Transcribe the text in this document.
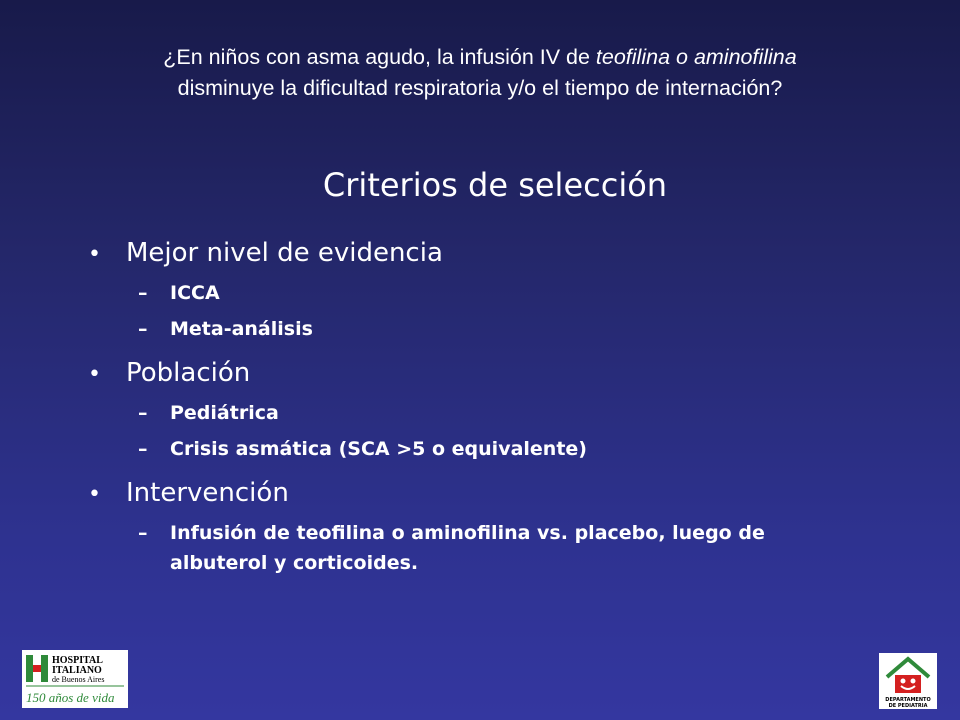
¿En niños con asma agudo, la infusión IV de teofilina o aminofilina
disminuye la dificultad respiratoria y/o el tiempo de internación?
Criterios de selección
• Mejor nivel de evidencia
–	ICCA
–	Meta-análisis
• Población
–	Pediátrica
–	Crisis asmática (SCA >5 o equivalente)
• Intervención
–	Infusión de teofilina o aminofilina vs. placebo, luego de albuterol y corticoides.
HOSPITAL
ITALIANO
de Buenos Aires
150 años de vida	DEPARTAMENTO
DE PEDIATRIA
